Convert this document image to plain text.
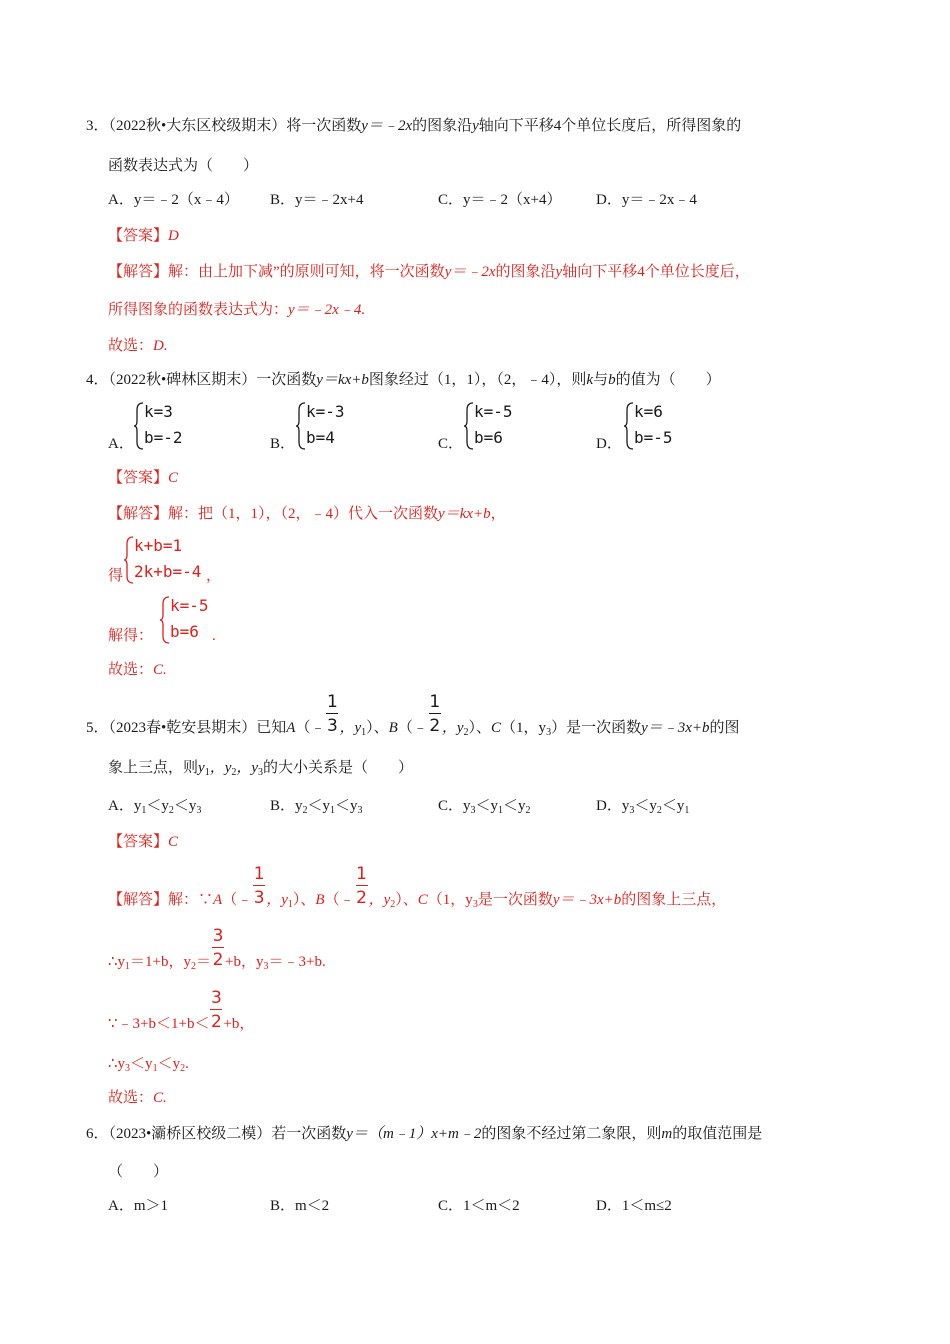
3．（2022秋•大东区校级期末）将一次函数y＝﹣2x的图象沿y轴向下平移4个单位长度后，所得图象的
函数表达式为（　　）
A．y＝﹣2（x﹣4） B．y＝﹣2x+4	C．y＝﹣2（x+4） D．y＝﹣2x﹣4
【答案】D
【解答】解：由上加下减”的原则可知，将一次函数y＝﹣2x的图象沿y轴向下平移4个单位长度后，
所得图象的函数表达式为：y＝﹣2x﹣4.
故选：D.
4．（2022秋•碑林区期末）一次函数y＝kx+b图象经过（1，1），（2，﹣4），则k与b的值为（　　）
A．
k=3
b=-2	B．
k=-3
b=4	C．
k=-5
b=6	D．
k=6
b=-5
【答案】C
【解答】解：把（1，1），（2，﹣4）代入一次函数y＝kx+b，
得
k+b=1
2k+b=-4 ，
解得：
k=-5
b=6 .
故选：C.
5．（2023春•乾安县期末）已知A（﹣ $\frac{1}{3}$ ，$y_1$）、B（﹣ $\frac{1}{2}$ ，$y_2$）、C（1，$y_3$）是一次函数y＝﹣3x+b的图
象上三点，则$y_1$，$y_2$，$y_3$的大小关系是（　　）
A．$y_1<y_2<y_3$	B．$y_2<y_1<y_3$	C．$y_3<y_1<y_2$	D．$y_3<y_2<y_1$
【答案】C
【解答】解：∵A（﹣ $\frac{1}{3}$ ，$y_1$）、B（﹣ $\frac{1}{2}$ ，$y_2$）、C（1，$y_3$是一次函数y＝﹣3x+b的图象上三点，
$\therefore y_1=1+b$，$y_2= \frac{3}{2} +b$，$y_3=﹣3+b$.
∵﹣3+b＜1+b＜ $\frac{3}{2} +b$，
$\therefore y_3<y_1<y_2$.
故选：C.
6．（2023•灞桥区校级二模）若一次函数y＝（m﹣1）x+m﹣2的图象不经过第二象限，则m的取值范围是
（　　）
A．m＞1	B．m＜2	C．1＜m＜2	D．1＜m≤2
